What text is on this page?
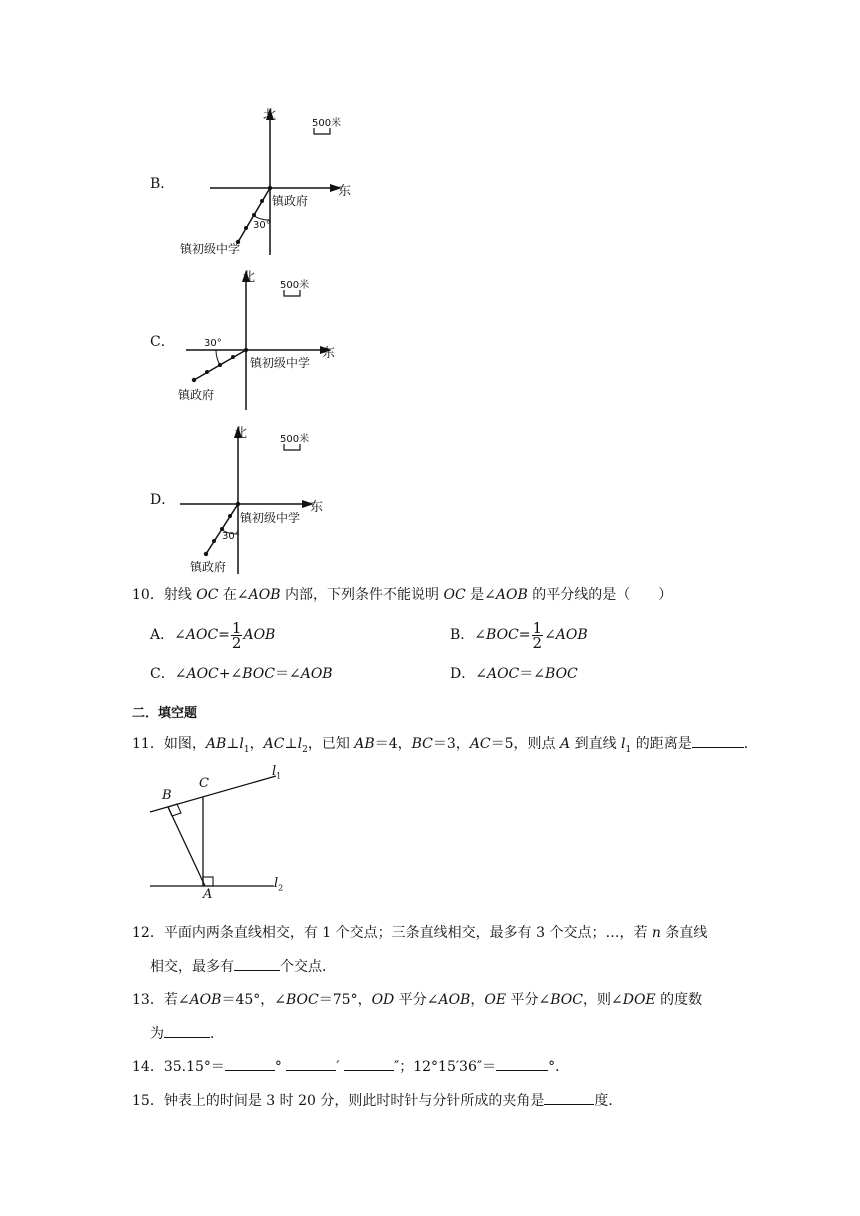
B．
北
东
500米
镇政府
30°
镇初级中学
C．
北
东
500米
镇初级中学
30°
镇政府
D．
北
东
500米
镇初级中学
30°
镇政府
10．射线 OC 在∠AOB 内部，下列条件不能说明 OC 是∠AOB 的平分线的是（　　）
A．∠AOC= $\frac{1}{2}$ AOB	B．∠BOC= $\frac{1}{2}$ ∠AOB
C．∠AOC+∠BOC＝∠AOB	D．∠AOC＝∠BOC
二．填空题
11．如图，$AB\perp l_1$，$AC\perp l_2$，已知 AB＝4，BC＝3，AC＝5，则点 A 到直线 $l_1$ 的距离是	．
B
C
A
$l_1$
$l_2$
12．平面内两条直线相交，有 1 个交点；三条直线相交，最多有 3 个交点；…，若 n 条直线
相交，最多有	个交点．
13．若∠AOB＝45°，∠BOC＝75°，OD 平分∠AOB，OE 平分∠BOC，则∠DOE 的度数
为	．
14．35.15°＝	°	′	″；12°15′36″＝	°．
15．钟表上的时间是 3 时 20 分，则此时时针与分针所成的夹角是	度．
